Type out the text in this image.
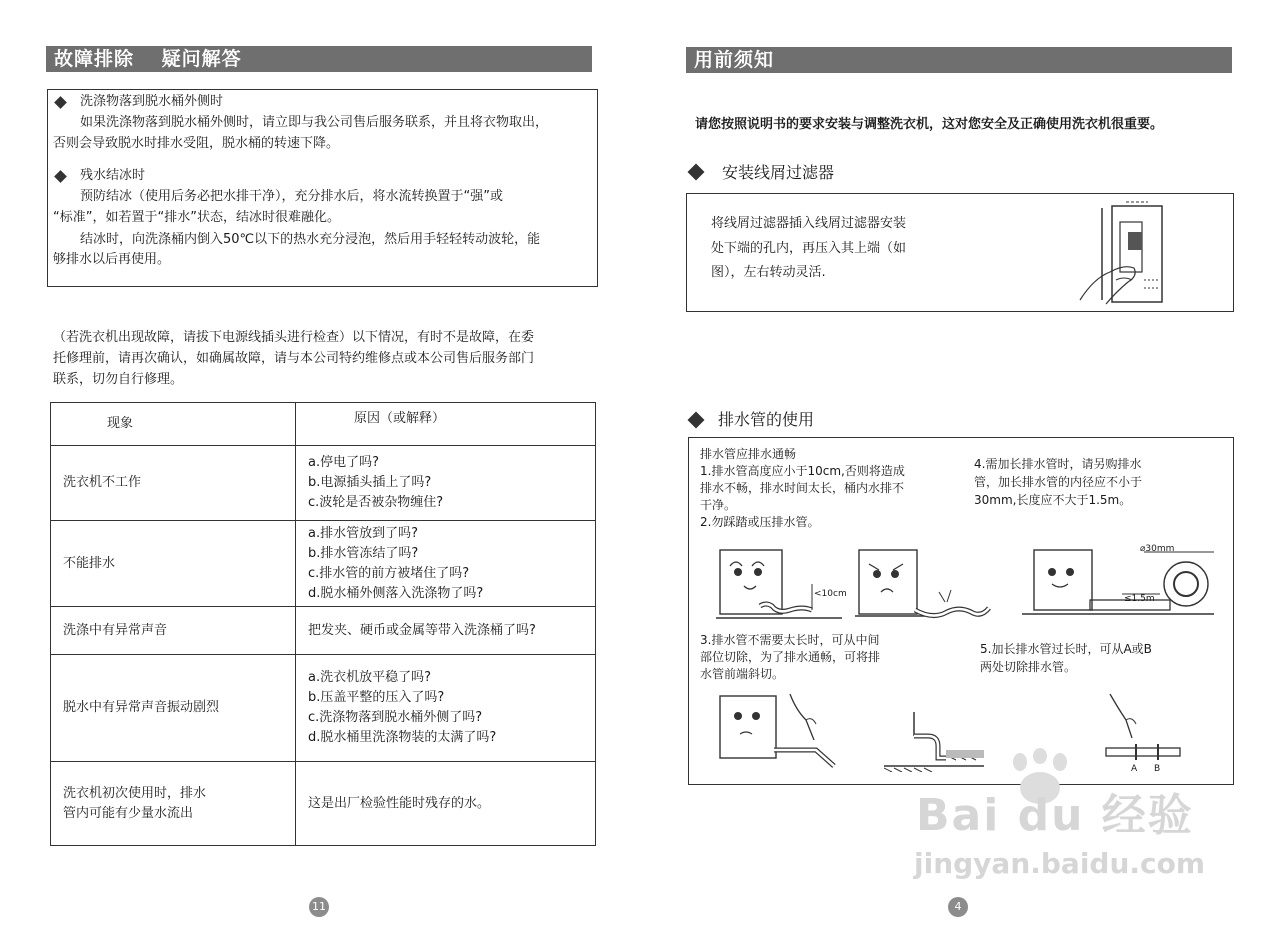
故障排除　 疑问解答
洗涤物落到脱水桶外侧时
如果洗涤物落到脱水桶外侧时，请立即与我公司售后服务联系，并且将衣物取出，
否则会导致脱水时排水受阻，脱水桶的转速下降。
残水结冰时
预防结冰（使用后务必把水排干净），充分排水后，将水流转换置于“强”或
“标准”，如若置于“排水”状态，结冰时很难融化。
结冰时，向洗涤桶内倒入50℃以下的热水充分浸泡，然后用手轻轻转动波轮，能
够排水以后再使用。
（若洗衣机出现故障，请拔下电源线插头进行检查）以下情况，有时不是故障，在委
托修理前，请再次确认，如确属故障，请与本公司特约维修点或本公司售后服务部门
联系，切勿自行修理。
现象	原因（或解释）
洗衣机不工作	a.停电了吗?
b.电源插头插上了吗?
c.波轮是否被杂物缠住?

不能排水	a.排水管放到了吗?
b.排水管冻结了吗?
c.排水管的前方被堵住了吗?
d.脱水桶外侧落入洗涤物了吗?

洗涤中有异常声音	把发夹、硬币或金属等带入洗涤桶了吗?

脱水中有异常声音振动剧烈	a.洗衣机放平稳了吗?
b.压盖平整的压入了吗?
c.洗涤物落到脱水桶外侧了吗?
d.脱水桶里洗涤物装的太满了吗?

洗衣机初次使用时，排水
管内可能有少量水流出	这是出厂检验性能时残存的水。
11
用前须知
请您按照说明书的要求安装与调整洗衣机，这对您安全及正确使用洗衣机很重要。
安装线屑过滤器
将线屑过滤器插入线屑过滤器安装
处下端的孔内，再压入其上端（如
图），左右转动灵活.
排水管的使用
排水管应排水通畅
1.排水管高度应小于10cm,否则将造成
排水不畅，排水时间太长，桶内水排不
干净。
2.勿踩踏或压排水管。
4.需加长排水管时，请另购排水
管，加长排水管的内径应不小于
30mm,长度应不大于1.5m。
<10cm
⌀30mm
≤1.5m
3.排水管不需要太长时，可从中间
部位切除，为了排水通畅，可将排
水管前端斜切。
5.加长排水管过长时，可从A或B
两处切除排水管。
A B
4
Bai du 经验
jingyan.baidu.com
